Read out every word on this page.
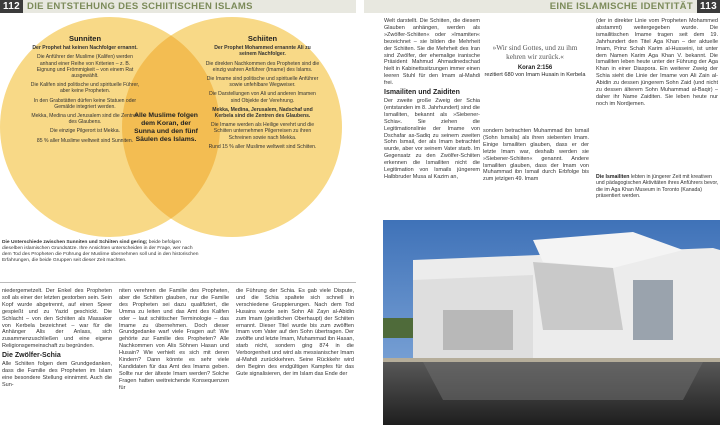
112 DIE ENTSTEHUNG DES SCHIITISCHEN ISLAMS	EINE ISLAMISCHE IDENTITÄT 113

Sunniten

Der Prophet hat keinen Nachfolger ernannt.

Die Anführer der Muslime (Kalifen) werden anhand einer Reihe von Kriterien – z. B. Eignung und Frömmigkeit – von einem Rat ausgewählt.

Die Kalifen sind politische und spirituelle Führer, aber keine Propheten.

In den Grabstätten dürfen keine Statuen oder Gemälde integriert werden.

Mekka, Medina und Jerusalem sind die Zentren des Glaubens.

Die einzige Pilgerort ist Mekka.

85 % aller Muslime weltweit sind Sunniten.

Alle Muslime folgen dem Koran, der Sunna und den fünf Säulen des Islams.

Schiiten

Der Prophet Mohammed ernannte Ali zu seinem Nachfolger.

Die direkten Nachkommen des Propheten sind die einzig wahren Anführer (Imame) des Islams.

Die Imame sind politische und spirituelle Anführer sowie unfehlbare Wegweiser.

Die Darstellungen von Ali und anderen Imamen sind Objekte der Verehrung.

Mekka, Medina, Jerusalem, Nadschaf und Kerbela sind die Zentren des Glaubens.

Die Imame werden als Heilige verehrt und die Schiiten unternehmen Pilgerreisen zu ihren Schreinen sowie nach Mekka.

Rund 15 % aller Muslime weltweit sind Schiiten.

Die Unterschiede zwischen Sunniten und Schiiten sind gering; beide befolgen dieselben islamischen Grundsätze. Ihre Ansichten unterscheiden in der Frage, wer nach dem Tod des Propheten die Führung der Muslime übernehmen soll und in den historischen Erfahrungen, die beide Gruppen seit dieser Zeit machten.

niedergemetzelt. Der Enkel des Propheten soll als einer der letzten gestorben sein. Sein Kopf wurde abgetrennt, auf einen Speer gespießt und zu Yazid geschickt. Die Schlacht – von den Schiiten als Massaker von Kerbela bezeichnet – war für die Anhänger Alis der Anlass, sich zusammenzuschließen und eine eigene Religionsgemeinschaft zu begründen.

Die Zwölfer-Schia

Alle Schiiten folgen dem Grundgedanken, dass die Familie des Propheten im Islam eine besondere Stellung einnimmt. Auch die Sun-

niten verehren die Familie des Propheten, aber die Schiiten glauben, nur die Familie des Propheten sei dazu qualifiziert, die Umma zu leiten und das Amt des Kalifen oder – laut schiitischer Terminologie – das Imame zu übernehmen. Doch dieser Grundgedanke warf viele Fragen auf: Wie gehörte zur Familie des Propheten? Alle Nachkommen von Alis Söhnen Hasan und Husain? Wie verhielt es sich mit deren Kindern? Dann könnte es sehr viele Kandidaten für das Amt des Imams geben. Sollte nur der älteste Imam werden? Solche Fragen hatten weitreichende Konsequenzen für

die Führung der Schia. Es gab viele Dispute, und die Schia spaltete sich schnell in verschiedene Gruppierungen. Nach dem Tod Husains wurde sein Sohn Ali Zayn al-Abidin zum Imam (geistlichen Oberhaupt) der Schiiten ernannt. Dieser Titel wurde bis zum zwölften Imam vom Vater auf den Sohn übertragen. Der zwölfte und letzte Imam, Muhammad ibn Hasan, starb nicht, sondern ging 874 in die Verborgenheit und wird als messianischer Imam al-Mahdi zurückkehren. Seine Rückkehr wird den Beginn des endgültigen Kampfes für das Gute signalisieren, der im Islam das Ende der

Welt darstellt. Die Schiiten, die diesem Glauben anhängen, werden als »Zwölfer-Schiiten« oder »Imamiten« bezeichnet – sie bilden die Mehrheit der Schiiten. Sie die Mehrheit des Iran sind Zwölfer, der ehemalige iranische Präsident Mahmud Ahmadinedschad hielt in Kabinettssitzungen immer einen leeren Stuhl für den Imam al-Mahdi frei.

Ismailiten und Zaiditen

Der zweite große Zweig der Schia (entstanden im 8. Jahrhundert) sind die Ismailiten, bekannt als »Siebener-Schia«. Sie ziehen die Legitimationslinie der Imame von Dschafar as-Sadiq zu seinem zweiten Sohn Ismail, der als Imam betrachtet wurde, aber vor seinem Vater starb. Im Gegensatz zu den Zwölfer-Schiiten erkennen die Ismailiten nicht die Legitimation von Ismails jüngerem Halbbruder Musa al Kazim an,

»Wir sind Gottes, und zu ihm kehren wir zurück.«
Koran 2:156
rezitiert 680 von Imam Husain in Kerbela

sondern betrachten Muhammad ibn Ismail (Sohn Ismails) als ihren siebenten Imam. Einige Ismailiten glauben, dass er der letzte Imam war, deshalb werden sie »Siebener-Schiiten« genannt. Andere Ismailiten glauben, dass der Imam von Muhammad ibn Ismail durch Erbfolge bis zum jetzigen 49. Imam

(der in direkter Linie vom Propheten Mohammed abstammt) weitergegeben wurde. Die ismailitischen Imame tragen seit dem 19. Jahrhundert den Titel Aga Khan – der aktuelle Imam, Prinz Schah Karim al-Husseini, ist unter dem Namen Karim Aga Khan V. bekannt. Die Ismailiten leben heute unter der Führung der Aga Khan in einer Diaspora. Ein weiterer Zweig der Schia sieht die Linie der Imame von Ali Zain al-Abidin zu dessen jüngerem Sohn Zaid (und nicht zu dessen älterem Sohn Muhammad al-Baqir) – daher ihr Name Zaiditen. Sie leben heute nur noch im Nordjemen.

Die Ismailiten lebten in jüngerer Zeit mit kreativen und pädagogischen Aktivitäten ihres Anführers bevor, die im Aga Khan Museum in Toronto (Kanada) präsentiert werden.
